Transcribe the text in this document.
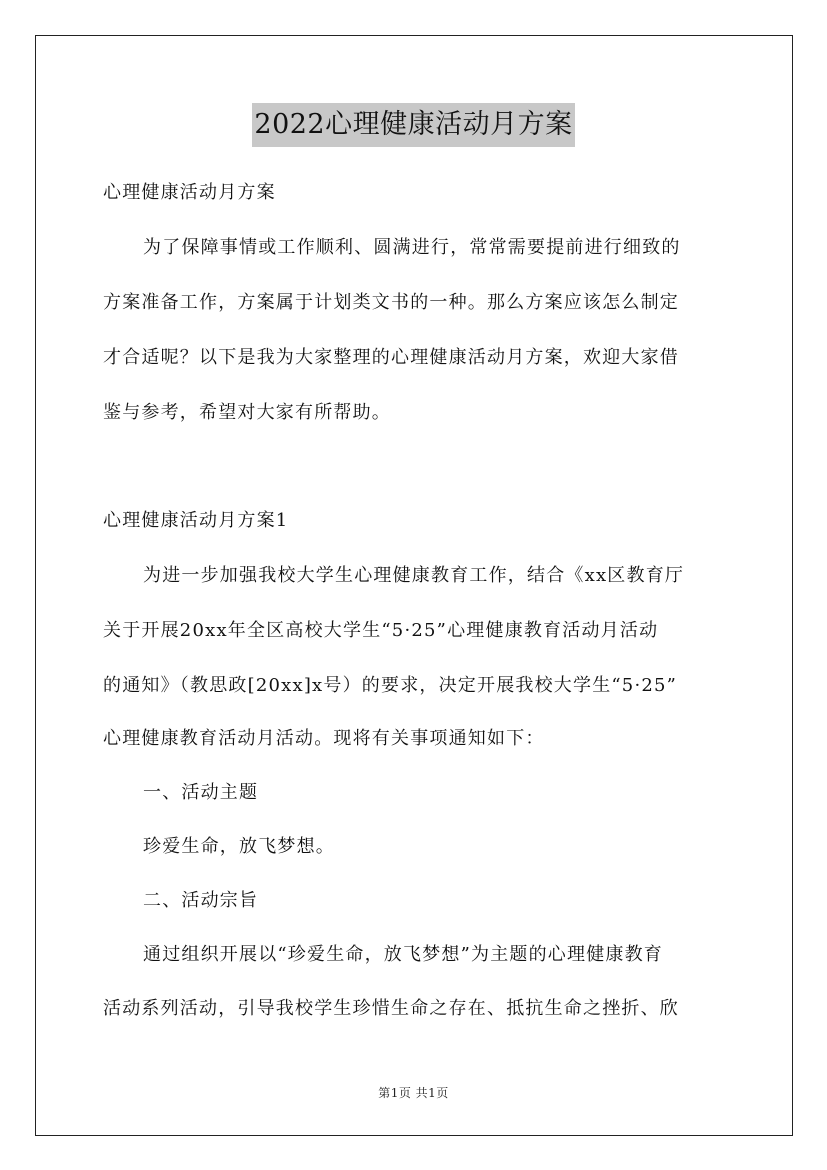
2022心理健康活动月方案
心理健康活动月方案
为了保障事情或工作顺利、圆满进行，常常需要提前进行细致的
方案准备工作，方案属于计划类文书的一种。那么方案应该怎么制定
才合适呢？以下是我为大家整理的心理健康活动月方案，欢迎大家借
鉴与参考，希望对大家有所帮助。
心理健康活动月方案1
为进一步加强我校大学生心理健康教育工作，结合《xx区教育厅
关于开展20xx年全区高校大学生“5·25”心理健康教育活动月活动
的通知》（教思政[20xx]x号）的要求，决定开展我校大学生“5·25”
心理健康教育活动月活动。现将有关事项通知如下：
一、活动主题
珍爱生命，放飞梦想。
二、活动宗旨
通过组织开展以“珍爱生命，放飞梦想”为主题的心理健康教育
活动系列活动，引导我校学生珍惜生命之存在、抵抗生命之挫折、欣
第1页 共1页
